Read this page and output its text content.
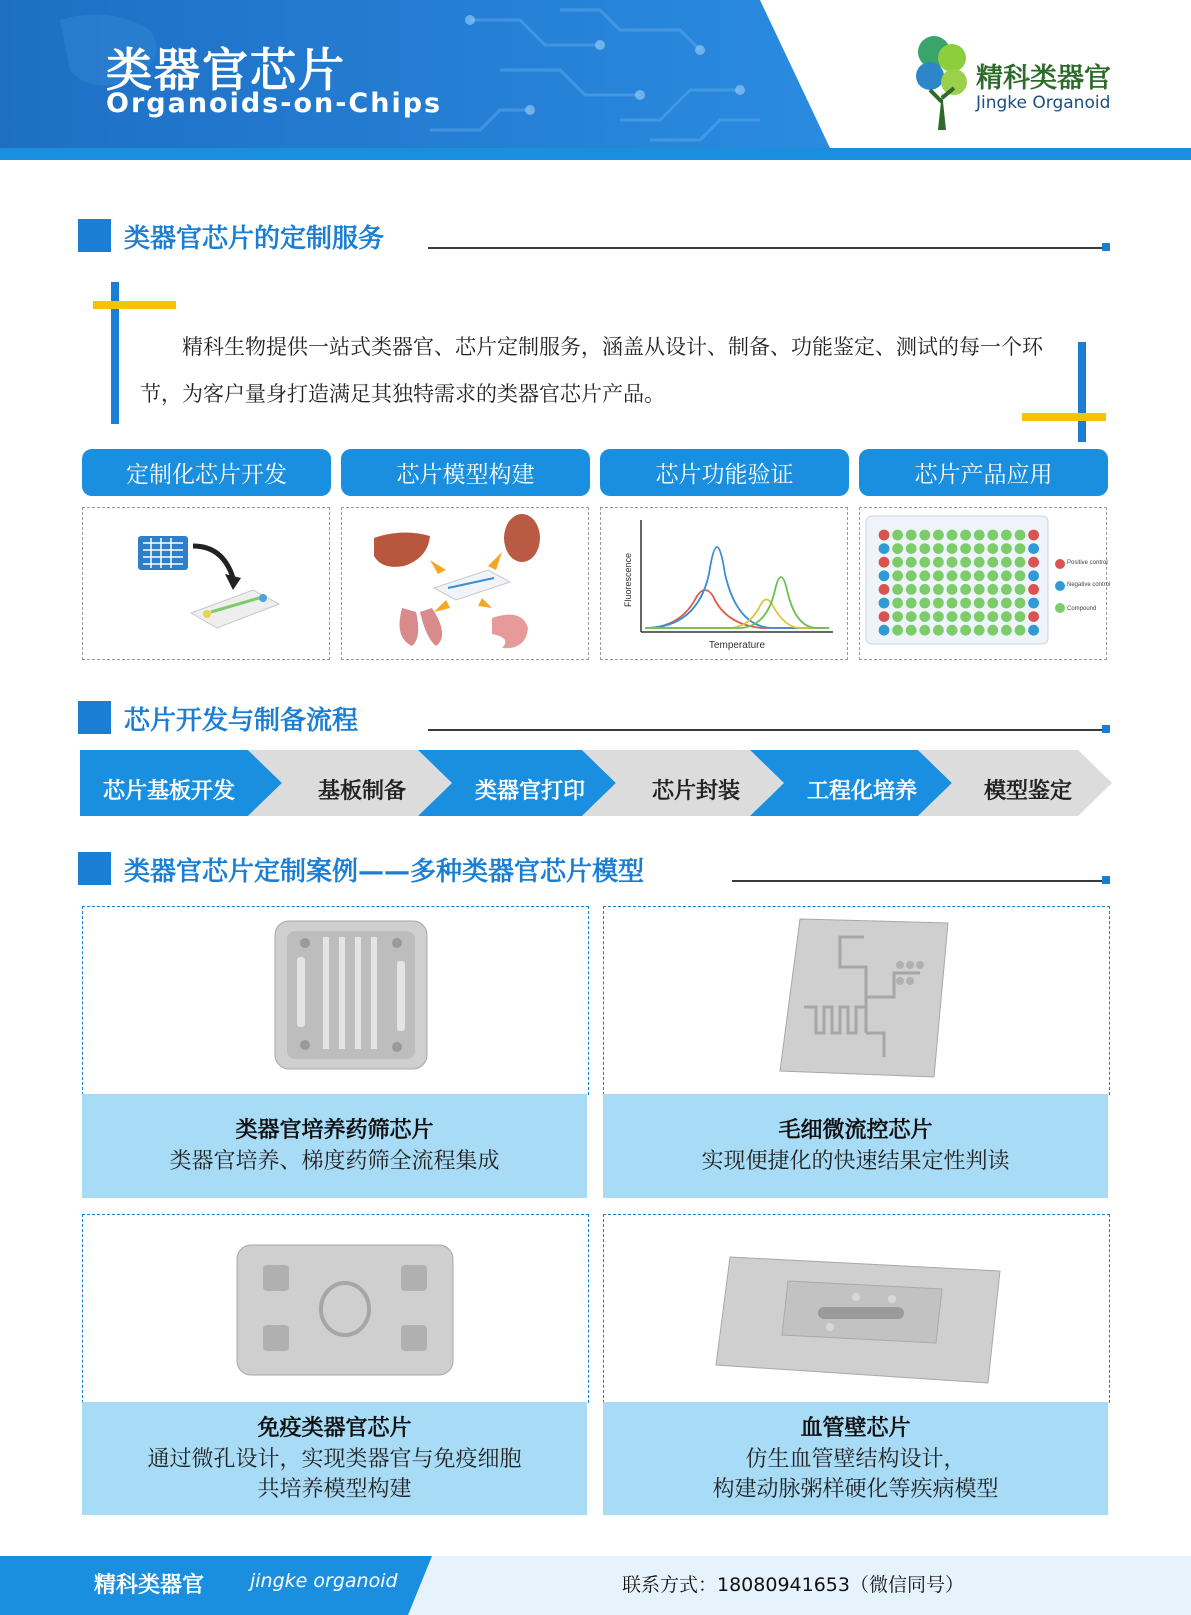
类器官芯片
Organoids-on-Chips
精科类器官
Jingke Organoid
类器官芯片的定制服务
精科生物提供一站式类器官、芯片定制服务，涵盖从设计、制备、功能鉴定、测试的每一个环节，为客户量身打造满足其独特需求的类器官芯片产品。
定制化芯片开发	芯片模型构建	芯片功能验证	芯片产品应用
Fluorescence
Temperature
Positive control
Negative control
Compound
芯片开发与制备流程
芯片基板开发	基板制备	类器官打印	芯片封装	工程化培养	模型鉴定
类器官芯片定制案例——多种类器官芯片模型
类器官培养药筛芯片
类器官培养、梯度药筛全流程集成
毛细微流控芯片
实现便捷化的快速结果定性判读
免疫类器官芯片
通过微孔设计，实现类器官与免疫细胞
共培养模型构建
血管壁芯片
仿生血管壁结构设计，
构建动脉粥样硬化等疾病模型
精科类器官 jingke organoid	联系方式：18080941653（微信同号）
